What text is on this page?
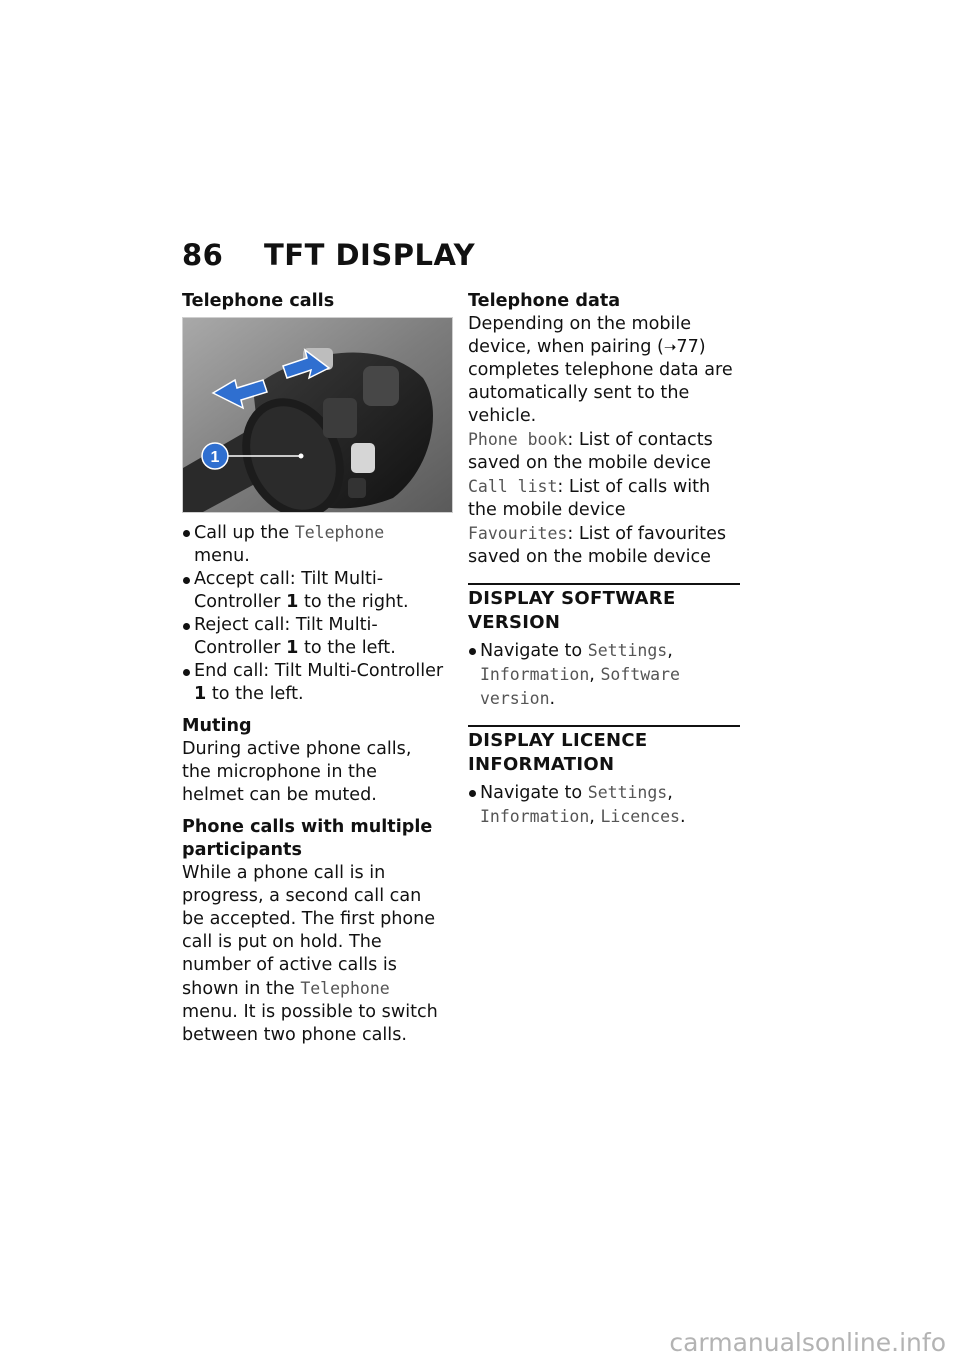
86 TFT DISPLAY

Telephone calls

1
Call up the Telephone menu.
Accept call: Tilt Multi-Controller 1 to the right.
Reject call: Tilt Multi-Controller 1 to the left.
End call: Tilt Multi-Controller 1 to the left.

Muting

During active phone calls, the microphone in the helmet can be muted.

Phone calls with multiple participants

While a phone call is in progress, a second call can be accepted. The first phone call is put on hold. The number of active calls is shown in the Telephone menu. It is possible to switch between two phone calls.

Telephone data

Depending on the mobile device, when pairing (➝77) completes telephone data are automatically sent to the vehicle.

Phone book: List of contacts saved on the mobile device

Call list: List of calls with the mobile device

Favourites: List of favourites saved on the mobile device

DISPLAY SOFTWARE VERSION

Navigate to Settings, Information, Software version.

DISPLAY LICENCE INFORMATION

Navigate to Settings, Information, Licences.
carmanualsonline.info
